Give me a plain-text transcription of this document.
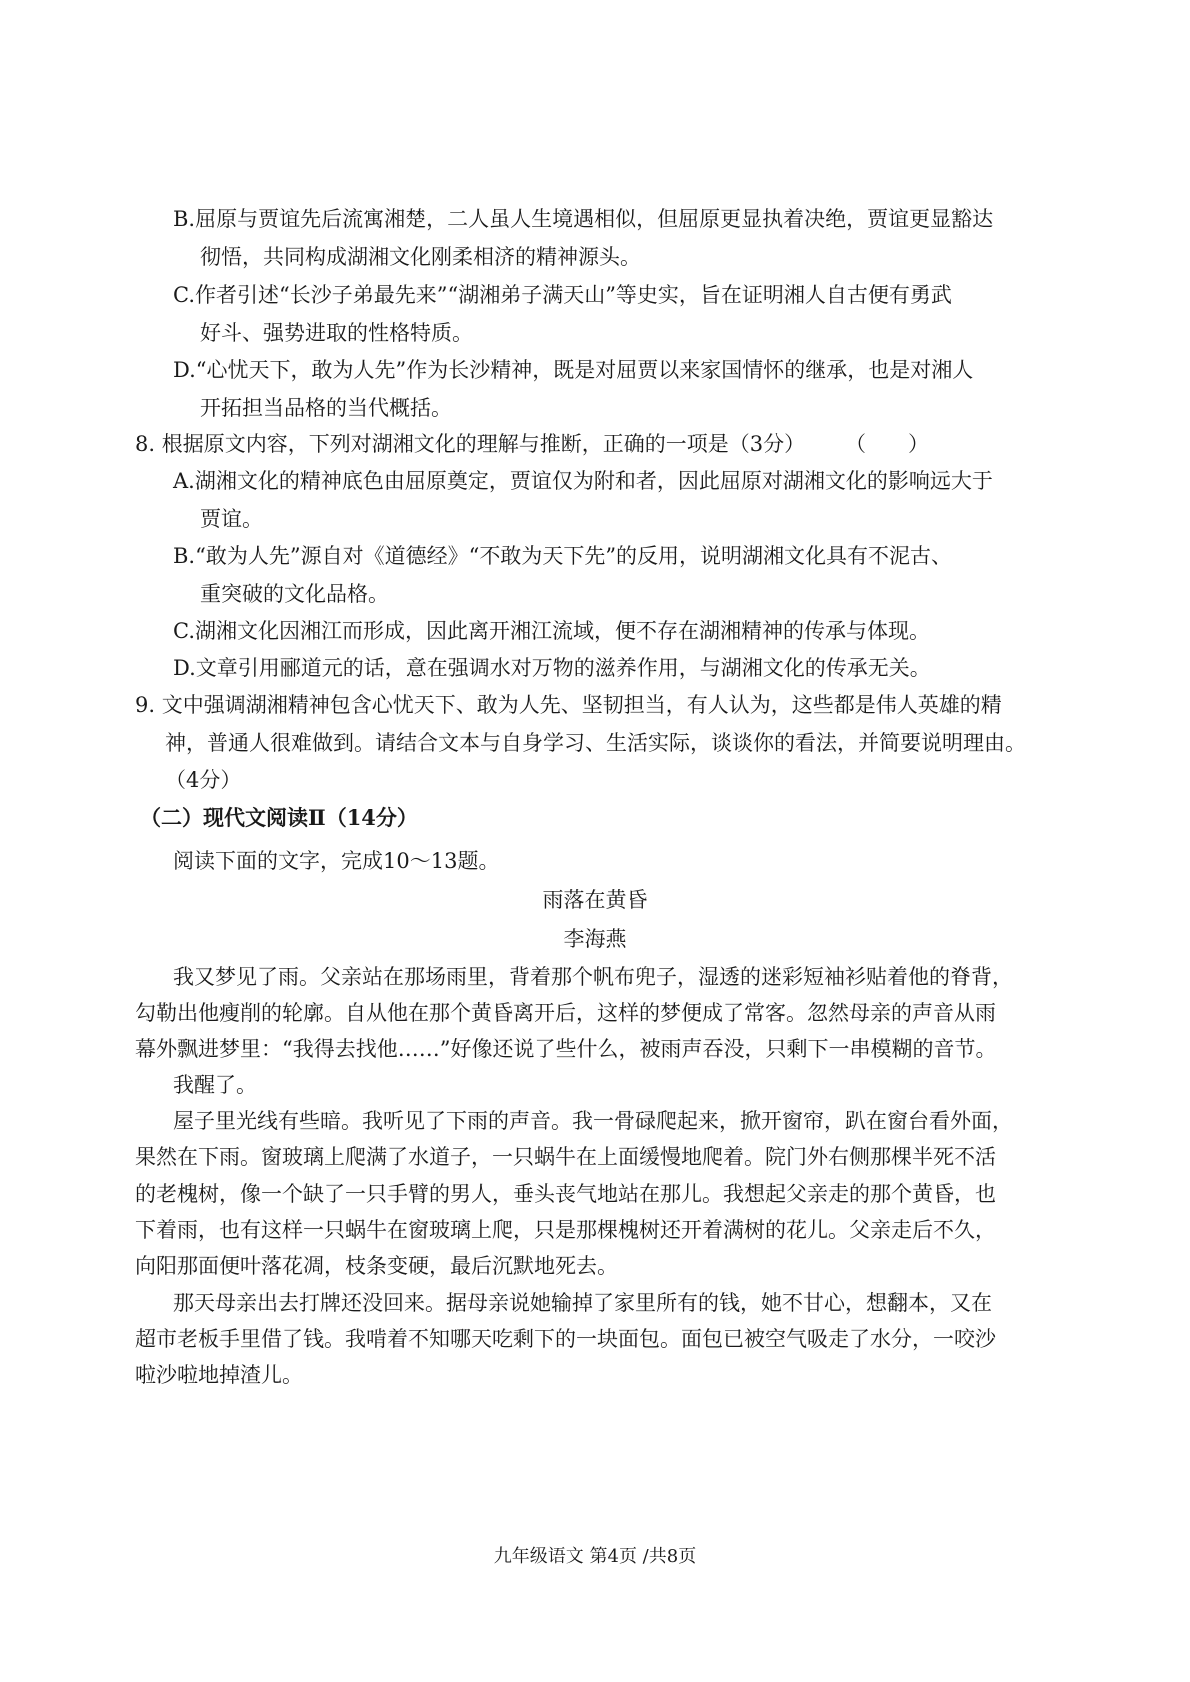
B.屈原与贾谊先后流寓湘楚，二人虽人生境遇相似，但屈原更显执着决绝，贾谊更显豁达
彻悟，共同构成湖湘文化刚柔相济的精神源头。
C.作者引述“长沙子弟最先来”“湖湘弟子满天山”等史实，旨在证明湘人自古便有勇武
好斗、强势进取的性格特质。
D.“心忧天下，敢为人先”作为长沙精神，既是对屈贾以来家国情怀的继承，也是对湘人
开拓担当品格的当代概括。
8. 根据原文内容，下列对湖湘文化的理解与推断，正确的一项是（3分） （　　）
A.湖湘文化的精神底色由屈原奠定，贾谊仅为附和者，因此屈原对湖湘文化的影响远大于
贾谊。
B.“敢为人先”源自对《道德经》“不敢为天下先”的反用，说明湖湘文化具有不泥古、
重突破的文化品格。
C.湖湘文化因湘江而形成，因此离开湘江流域，便不存在湖湘精神的传承与体现。
D.文章引用郦道元的话，意在强调水对万物的滋养作用，与湖湘文化的传承无关。
9. 文中强调湖湘精神包含心忧天下、敢为人先、坚韧担当，有人认为，这些都是伟人英雄的精
神，普通人很难做到。请结合文本与自身学习、生活实际，谈谈你的看法，并简要说明理由。
（4分）
（二）现代文阅读Ⅱ（14分）
阅读下面的文字，完成10～13题。
雨落在黄昏
李海燕
我又梦见了雨。父亲站在那场雨里，背着那个帆布兜子，湿透的迷彩短袖衫贴着他的脊背，
勾勒出他瘦削的轮廓。自从他在那个黄昏离开后，这样的梦便成了常客。忽然母亲的声音从雨
幕外飘进梦里：“我得去找他……”好像还说了些什么，被雨声吞没，只剩下一串模糊的音节。
我醒了。
屋子里光线有些暗。我听见了下雨的声音。我一骨碌爬起来，掀开窗帘，趴在窗台看外面，
果然在下雨。窗玻璃上爬满了水道子，一只蜗牛在上面缓慢地爬着。院门外右侧那棵半死不活
的老槐树，像一个缺了一只手臂的男人，垂头丧气地站在那儿。我想起父亲走的那个黄昏，也
下着雨，也有这样一只蜗牛在窗玻璃上爬，只是那棵槐树还开着满树的花儿。父亲走后不久，
向阳那面便叶落花凋，枝条变硬，最后沉默地死去。
那天母亲出去打牌还没回来。据母亲说她输掉了家里所有的钱，她不甘心，想翻本，又在
超市老板手里借了钱。我啃着不知哪天吃剩下的一块面包。面包已被空气吸走了水分，一咬沙
啦沙啦地掉渣儿。
九年级语文 第4页 /共8页
